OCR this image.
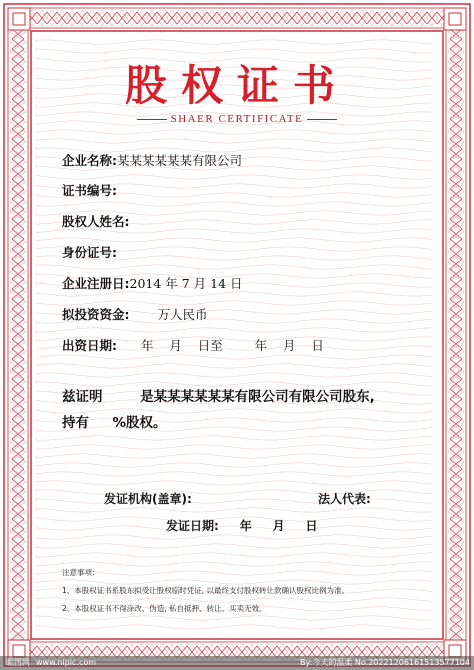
股权证书
SHAER CERTIFICATE
企业名称:某某某某某某有限公司
证书编号:
股权人姓名:
身份证号:
企业注册日:2014 年 7 月 14 日
拟投资资金: 万人民币
出资日期: 年    月    日至        年    月    日
兹证明        是某某某某某某有限公司有限公司股东,
持有     %股权。
发证机构(盖章):	法人代表:
发证日期:     年     月     日
注意事项:
1、本股权证书系股东拟受让股权临时凭证, 以最终支付股权转让款确认股权比例为准。
2、本股权证书不得涂改、伪造, 私自抵押、转让、买卖无效。
昵图网 www.nipic.com	By:今天的温柔 No.20221206161513577104
